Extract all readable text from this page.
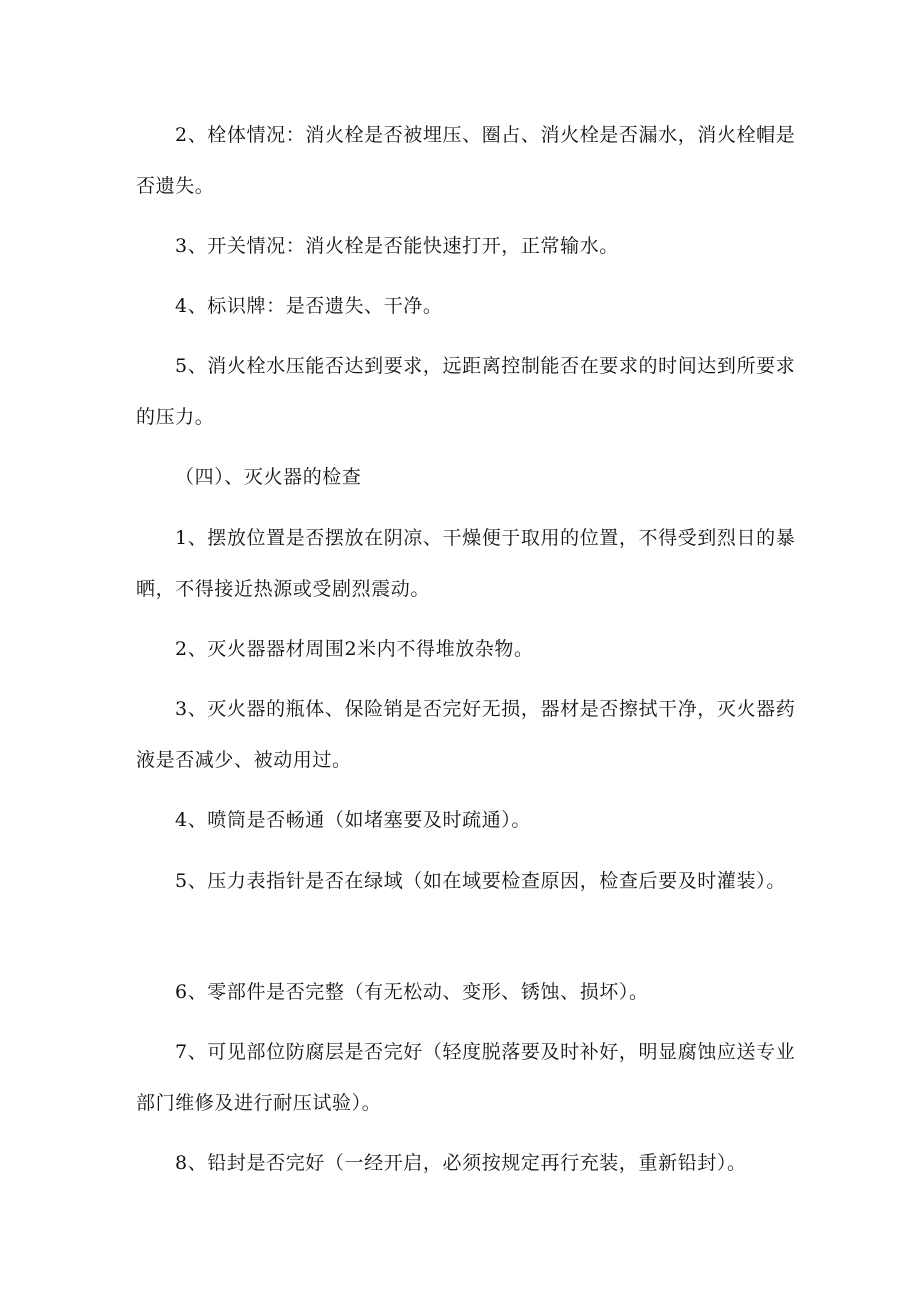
2、栓体情况：消火栓是否被埋压、圈占、消火栓是否漏水，消火栓帽是否遗失。

3、开关情况：消火栓是否能快速打开，正常输水。

4、标识牌：是否遗失、干净。

5、消火栓水压能否达到要求，远距离控制能否在要求的时间达到所要求的压力。

（四）、灭火器的检查

1、摆放位置是否摆放在阴凉、干燥便于取用的位置，不得受到烈日的暴晒，不得接近热源或受剧烈震动。

2、灭火器器材周围2米内不得堆放杂物。

3、灭火器的瓶体、保险销是否完好无损，器材是否擦拭干净，灭火器药液是否减少、被动用过。

4、喷筒是否畅通（如堵塞要及时疏通）。

5、压力表指针是否在绿域（如在域要检查原因，检查后要及时灌装）。

6、零部件是否完整（有无松动、变形、锈蚀、损坏）。

7、可见部位防腐层是否完好（轻度脱落要及时补好，明显腐蚀应送专业部门维修及进行耐压试验）。

8、铅封是否完好（一经开启，必须按规定再行充装，重新铅封）。
